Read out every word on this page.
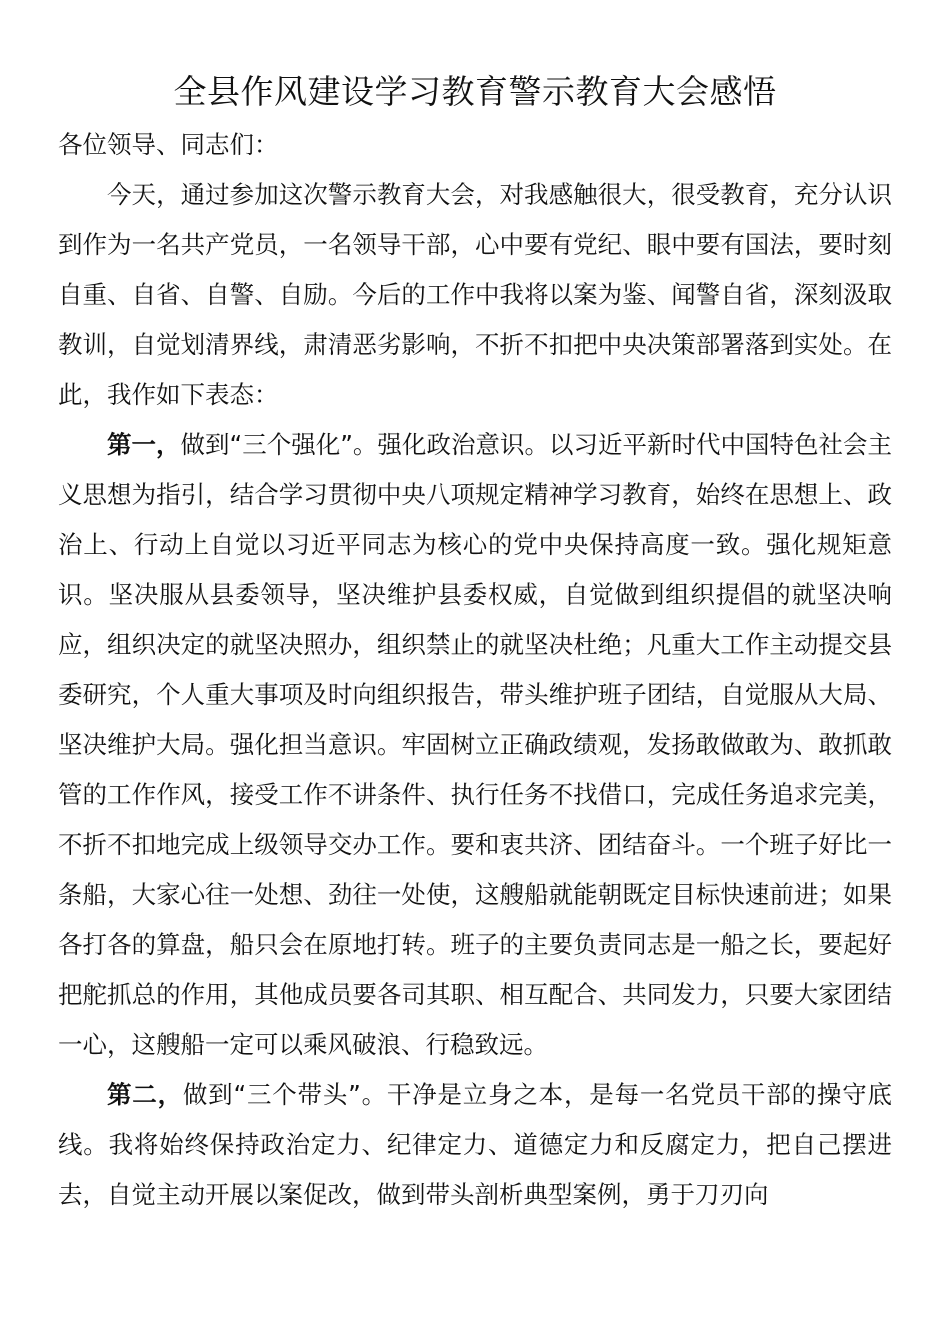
全县作风建设学习教育警示教育大会感悟

各位领导、同志们：

今天，通过参加这次警示教育大会，对我感触很大，很受教育，充分认识到作为一名共产党员，一名领导干部，心中要有党纪、眼中要有国法，要时刻自重、自省、自警、自励。今后的工作中我将以案为鉴、闻警自省，深刻汲取教训，自觉划清界线，肃清恶劣影响，不折不扣把中央决策部署落到实处。在此，我作如下表态：

第一，做到“三个强化”。强化政治意识。以习近平新时代中国特色社会主义思想为指引，结合学习贯彻中央八项规定精神学习教育，始终在思想上、政治上、行动上自觉以习近平同志为核心的党中央保持高度一致。强化规矩意识。坚决服从县委领导，坚决维护县委权威，自觉做到组织提倡的就坚决响应，组织决定的就坚决照办，组织禁止的就坚决杜绝；凡重大工作主动提交县委研究，个人重大事项及时向组织报告，带头维护班子团结，自觉服从大局、坚决维护大局。强化担当意识。牢固树立正确政绩观，发扬敢做敢为、敢抓敢管的工作作风，接受工作不讲条件、执行任务不找借口，完成任务追求完美，不折不扣地完成上级领导交办工作。要和衷共济、团结奋斗。一个班子好比一条船，大家心往一处想、劲往一处使，这艘船就能朝既定目标快速前进；如果各打各的算盘，船只会在原地打转。班子的主要负责同志是一船之长，要起好把舵抓总的作用，其他成员要各司其职、相互配合、共同发力，只要大家团结一心，这艘船一定可以乘风破浪、行稳致远。

第二，做到“三个带头”。干净是立身之本，是每一名党员干部的操守底线。我将始终保持政治定力、纪律定力、道德定力和反腐定力，把自己摆进去，自觉主动开展以案促改，做到带头剖析典型案例，勇于刀刃向
